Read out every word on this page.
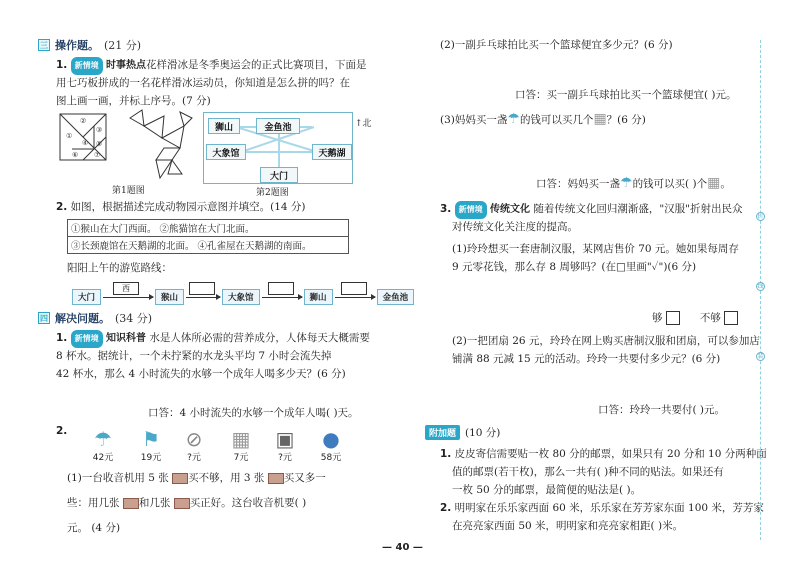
三 操作题。 (21 分)
1. 新情境 时事热点花样滑冰是冬季奥运会的正式比赛项目，下面是
用七巧板拼成的一名花样滑冰运动员，你知道是怎么拼的吗？在
图上画一画，并标上序号。(7 分)
①
②
③
④ ⑤
⑥ ⑦
第1题图
狮山	金鱼池
大象馆	天鹅湖
大门
↑北
第2题图
2. 如图，根据描述完成动物园示意图并填空。(14 分)
①猴山在大门西面。 ②熊猫馆在大门北面。
③长颈鹿馆在天鹅湖的北面。 ④孔雀屋在天鹅湖的南面。
阳阳上午的游览路线：
大门
西
猴山	大象馆	狮山	金鱼池
四 解决问题。 (34 分)
1. 新情境 知识科普 水是人体所必需的营养成分，人体每天大概需要
8 杯水。据统计，一个未拧紧的水龙头平均 7 小时会流失掉
42 杯水，那么 4 小时流失的水够一个成年人喝多少天？(6 分)
口答：4 小时流失的水够一个成年人喝( )天。
2.	☂
42元
⚑
19元
⊘
?元
▦
7元
▣
?元
●
58元
(1)一台收音机用 5 张 买不够，用 3 张 买又多一
些：用几张 和几张 买正好。这台收音机要( )
元。 (4 分)
(2)一副乒乓球拍比买一个篮球便宜多少元？(6 分)
口答：买一副乒乓球拍比买一个篮球便宜( )元。
(3)妈妈买一盏☂的钱可以买几个▦？(6 分)
口答：妈妈买一盏☂的钱可以买( )个▦。
3. 新情境 传统文化 随着传统文化回归潮渐盛，"汉服"折射出民众
对传统文化关注度的提高。
(1)玲玲想买一套唐制汉服，某网店售价 70 元。她如果每周存
9 元零花钱，那么存 8 周够吗？(在□里画"✓")(6 分)
够	不够
(2)一把团扇 26 元，玲玲在网上购买唐制汉服和团扇，可以参加店
铺满 88 元减 15 元的活动。玲玲一共要付多少元？(6 分)
口答：玲玲一共要付( )元。
附加题 (10 分)
1. 皮皮寄信需要贴一枚 80 分的邮票，如果只有 20 分和 10 分两种面
值的邮票(若干枚)，那么一共有( )种不同的贴法。如果还有
一枚 50 分的邮票，最简便的贴法是( )。
2. 明明家在乐乐家西面 60 米，乐乐家在芳芳家东面 100 米，芳芳家
在亮亮家西面 50 米，明明家和亮亮家相距( )米。
折
线
装
— 40 —
